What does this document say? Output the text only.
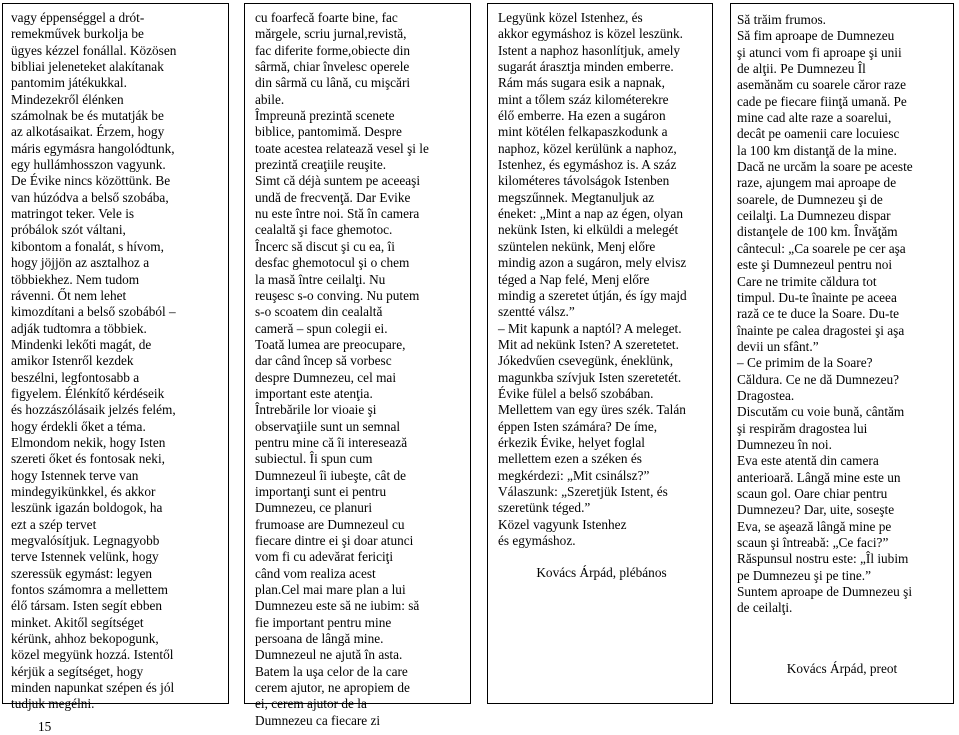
vagy éppenséggel a drót-
remekművek burkolja be
ügyes kézzel fonállal. Közösen
bibliai jeleneteket alakítanak
pantomim játékukkal.
Mindezekről élénken
számolnak be és mutatják be
az alkotásaikat. Érzem, hogy
máris egymásra hangolódtunk,
egy hullámhosszon vagyunk.
De Évike nincs közöttünk. Be
van húzódva a belső szobába,
matringot teker. Vele is
próbálok szót váltani,
kibontom a fonalát, s hívom,
hogy jöjjön az asztalhoz a
többiekhez. Nem tudom
rávenni. Őt nem lehet
kimozdítani a belső szobából –
adják tudtomra a többiek.
Mindenki lekőti magát, de
amikor Istenről kezdek
beszélni, legfontosabb a
figyelem. Élénkítő kérdéseik
és hozzászólásaik jelzés felém,
hogy érdekli őket a téma.
Elmondom nekik, hogy Isten
szereti őket és fontosak neki,
hogy Istennek terve van
mindegyikünkkel, és akkor
leszünk igazán boldogok, ha
ezt a szép tervet
megvalósítjuk. Legnagyobb
terve Istennek velünk, hogy
szeressük egymást: legyen
fontos számomra a mellettem
élő társam. Isten segít ebben
minket. Akitől segítséget
kérünk, ahhoz bekopogunk,
közel megyünk hozzá. Istentől
kérjük a segítséget, hogy
minden napunkat szépen és jól
tudjuk megélni.
cu foarfecă foarte bine, fac
mărgele, scriu jurnal,revistă,
fac diferite forme,obiecte din
sârmă, chiar învelesc operele
din sârmă cu lână, cu mişcări
abile.
Împreună prezintă scenete
biblice, pantomimă. Despre
toate acestea relatează vesel şi le
prezintă creaţiile reuşite.
Simt că déjà suntem pe aceeaşi
undă de frecvenţă. Dar Evike
nu este între noi. Stă în camera
cealaltă şi face ghemotoc.
Încerc să discut şi cu ea, îi
desfac ghemotocul şi o chem
la masă între ceilalţi. Nu
reuşesc s-o conving. Nu putem
s-o scoatem din cealaltă
cameră – spun colegii ei.
Toată lumea are preocupare,
dar când încep să vorbesc
despre Dumnezeu, cel mai
important este atenţia.
Întrebările lor vioaie şi
observaţiile sunt un semnal
pentru mine că îi interesează
subiectul. Îi spun cum
Dumnezeul îi iubeşte, cât de
importanţi sunt ei pentru
Dumnezeu, ce planuri
frumoase are Dumnezeul cu
fiecare dintre ei şi doar atunci
vom fi cu adevărat fericiţi
când vom realiza acest
plan.Cel mai mare plan a lui
Dumnezeu este să ne iubim: să
fie important pentru mine
persoana de lângă mine.
Dumnezeul ne ajută în asta.
Batem la uşa celor de la care
cerem ajutor, ne apropiem de
ei, cerem ajutor de la
Dumnezeu ca fiecare zi
Legyünk közel Istenhez, és
akkor egymáshoz is közel leszünk.
Istent a naphoz hasonlítjuk, amely
sugarát árasztja minden emberre.
Rám más sugara esik a napnak,
mint a tőlem száz kilométerekre
élő emberre. Ha ezen a sugáron
mint kötélen felkapaszkodunk a
naphoz, közel kerülünk a naphoz,
Istenhez, és egymáshoz is. A száz
kilométeres távolságok Istenben
megszűnnek. Megtanuljuk az
éneket: „Mint a nap az égen, olyan
nekünk Isten, ki elküldi a melegét
szüntelen nekünk, Menj előre
mindig azon a sugáron, mely elvisz
téged a Nap felé, Menj előre
mindig a szeretet útján, és így majd
szentté válsz.”
– Mit kapunk a naptól? A meleget.
Mit ad nekünk Isten? A szeretetet.
Jókedvűen csevegünk, éneklünk,
magunkba szívjuk Isten szeretetét.
Évike fülel a belső szobában.
Mellettem van egy üres szék. Talán
éppen Isten számára? De íme,
érkezik Évike, helyet foglal
mellettem ezen a széken és
megkérdezi: „Mit csinálsz?”
Válaszunk: „Szeretjük Istent, és
szeretünk téged.”
Közel vagyunk Istenhez
és egymáshoz.
Kovács Árpád, plébános
Să trăim frumos.
Să fim aproape de Dumnezeu
şi atunci vom fi aproape şi unii
de alţii. Pe Dumnezeu Îl
asemănăm cu soarele căror raze
cade pe fiecare fiinţă umană. Pe
mine cad alte raze a soarelui,
decât pe oamenii care locuiesc
la 100 km distanţă de la mine.
Dacă ne urcăm la soare pe aceste
raze, ajungem mai aproape de
soarele, de Dumnezeu şi de
ceilalţi. La Dumnezeu dispar
distanţele de 100 km. Învăţăm
cântecul: „Ca soarele pe cer aşa
este şi Dumnezeul pentru noi
Care ne trimite căldura tot
timpul. Du-te înainte pe aceea
rază ce te duce la Soare. Du-te
înainte pe calea dragostei şi aşa
devii un sfânt.”
– Ce primim de la Soare?
Căldura. Ce ne dă Dumnezeu?
Dragostea.
Discutăm cu voie bună, cântăm
şi respirăm dragostea lui
Dumnezeu în noi.
Eva este atentă din camera
anterioară. Lângă mine este un
scaun gol. Oare chiar pentru
Dumnezeu? Dar, uite, soseşte
Eva, se aşează lângă mine pe
scaun şi întreabă: „Ce faci?”
Răspunsul nostru este: „Îl iubim
pe Dumnezeu şi pe tine.”
Suntem aproape de Dumnezeu şi
de ceilalţi.
Kovács Árpád, preot
15
